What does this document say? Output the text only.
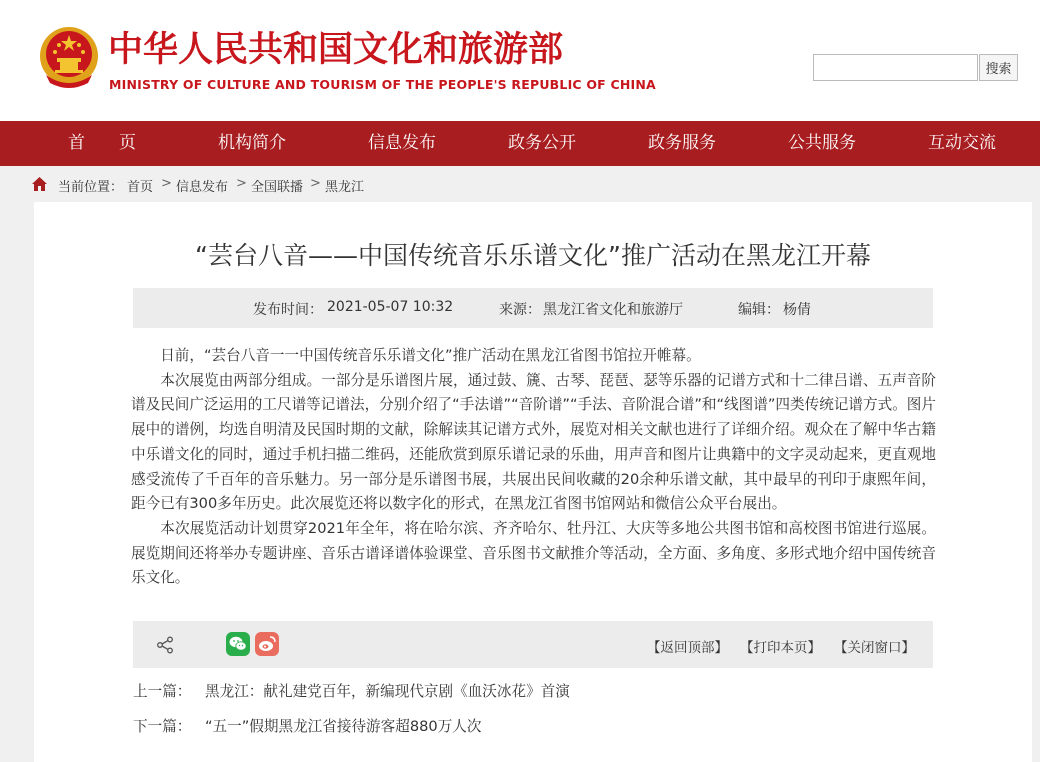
中华人民共和国文化和旅游部
MINISTRY OF CULTURE AND TOURISM OF THE PEOPLE'S REPUBLIC OF CHINA
搜索
首　　页	机构简介	信息发布	政务公开	政务服务	公共服务	互动交流
当前位置： 首页 > 信息发布 > 全国联播 > 黑龙江
“芸台八音——中国传统音乐乐谱文化”推广活动在黑龙江开幕
发布时间： 2021-05-07 10:32	来源： 黑龙江省文化和旅游厅	编辑： 杨倩

日前，“芸台八音一一中国传统音乐乐谱文化”推广活动在黑龙江省图书馆拉开帷幕。

本次展览由两部分组成。一部分是乐谱图片展，通过鼓、篪、古琴、琵琶、瑟等乐器的记谱方式和十二律吕谱、五声音阶谱及民间广泛运用的工尺谱等记谱法，分别介绍了“手法谱”“音阶谱”“手法、音阶混合谱”和“线图谱”四类传统记谱方式。图片展中的谱例，均选自明清及民国时期的文献，除解读其记谱方式外，展览对相关文献也进行了详细介绍。观众在了解中华古籍中乐谱文化的同时，通过手机扫描二维码，还能欣赏到原乐谱记录的乐曲，用声音和图片让典籍中的文字灵动起来，更直观地感受流传了千百年的音乐魅力。另一部分是乐谱图书展，共展出民间收藏的20余种乐谱文献，其中最早的刊印于康熙年间，距今已有300多年历史。此次展览还将以数字化的形式，在黑龙江省图书馆网站和微信公众平台展出。

本次展览活动计划贯穿2021年全年，将在哈尔滨、齐齐哈尔、牡丹江、大庆等多地公共图书馆和高校图书馆进行巡展。展览期间还将举办专题讲座、音乐古谱译谱体验课堂、音乐图书文献推介等活动，全方面、多角度、多形式地介绍中国传统音乐文化。

【返回顶部】 【打印本页】 【关闭窗口】
上一篇： 黑龙江：献礼建党百年，新编现代京剧《血沃冰花》首演
下一篇： “五一”假期黑龙江省接待游客超880万人次
